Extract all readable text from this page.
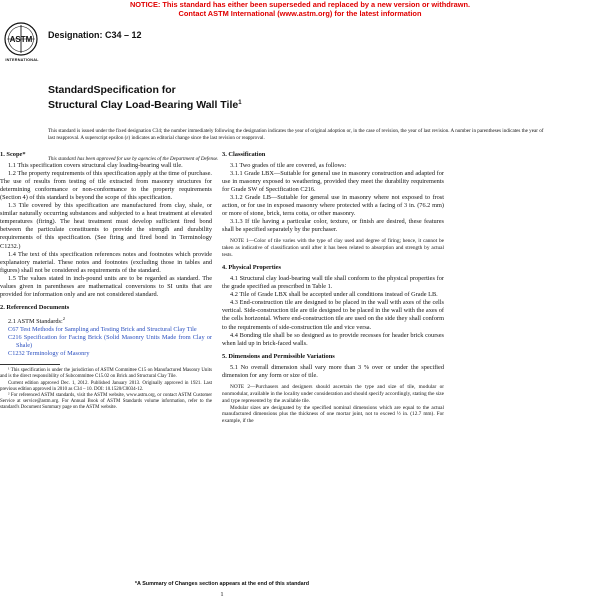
NOTICE: This standard has either been superseded and replaced by a new version or withdrawn.
Contact ASTM International (www.astm.org) for the latest information
ASTM
INTERNATIONAL
Designation: C34 – 12
StandardSpecification for
Structural Clay Load-Bearing Wall Tile$^1$
This standard is issued under the fixed designation C34; the number immediately following the designation indicates the year of original adoption or, in the case of revision, the year of last revision. A number in parentheses indicates the year of last reapproval. A superscript epsilon (ε) indicates an editorial change since the last revision or reapproval.
This standard has been approved for use by agencies of the Department of Defense.
1. Scope*

1.1 This specification covers structural clay loading-bearing wall tile.

1.2 The property requirements of this specification apply at the time of purchase. The use of results from testing of tile extracted from masonry structures for determining conformance or non-conformance to the property requirements (Section 4) of this standard is beyond the scope of this specification.

1.3 Tile covered by this specification are manufactured from clay, shale, or similar naturally occurring substances and subjected to a heat treatment at elevated temperatures (firing). The heat treatment must develop sufficient fired bond between the particulate constituents to provide the strength and durability requirements of this specification. (See firing and fired bond in Terminology C1232.)

1.4 The text of this specification references notes and footnotes which provide explanatory material. These notes and footnotes (excluding those in tables and figures) shall not be considered as requirements of the standard.

1.5 The values stated in inch-pound units are to be regarded as standard. The values given in parentheses are mathematical conversions to SI units that are provided for information only and are not considered standard.

2. Referenced Documents

2.1 ASTM Standards:$^2$

C67 Test Methods for Sampling and Testing Brick and Structural Clay Tile

C216 Specification for Facing Brick (Solid Masonry Units Made from Clay or Shale)

C1232 Terminology of Masonry

¹ This specification is under the jurisdiction of ASTM Committee C15 on Manufactured Masonry Units and is the direct responsibility of Subcommittee C15.02 on Brick and Structural Clay Tile.

Current edition approved Dec. 1, 2012. Published January 2013. Originally approved in 1921. Last previous edition approved in 2010 as C34 – 10. DOI: 10.1520/C0034-12.

² For referenced ASTM standards, visit the ASTM website, www.astm.org, or contact ASTM Customer Service at service@astm.org. For Annual Book of ASTM Standards volume information, refer to the standard's Document Summary page on the ASTM website.

3. Classification

3.1 Two grades of tile are covered, as follows:

3.1.1 Grade LBX—Suitable for general use in masonry construction and adapted for use in masonry exposed to weathering, provided they meet the durability requirements for Grade SW of Specification C216.

3.1.2 Grade LB—Suitable for general use in masonry where not exposed to frost action, or for use in exposed masonry where protected with a facing of 3 in. (76.2 mm) or more of stone, brick, terra cotta, or other masonry.

3.1.3 If tile having a particular color, texture, or finish are desired, these features shall be specified separately by the purchaser.

NOTE 1—Color of tile varies with the type of clay used and degree of firing; hence, it cannot be taken as indicative of classification until after it has been related to absorption and strength by actual tests.

4. Physical Properties

4.1 Structural clay load-bearing wall tile shall conform to the physical properties for the grade specified as prescribed in Table 1.

4.2 Tile of Grade LBX shall be accepted under all conditions instead of Grade LB.

4.3 End-construction tile are designed to be placed in the wall with axes of the cells vertical. Side-construction tile are tile designed to be placed in the wall with the axes of the cells horizontal. Where end-construction tile are used on the side they shall conform to the requirements of side-construction tile and vice versa.

4.4 Bonding tile shall be so designed as to provide recesses for header brick courses when laid up in brick-faced walls.

5. Dimensions and Permissible Variations

5.1 No overall dimension shall vary more than 3 % over or under the specified dimension for any form or size of tile.

NOTE 2—Purchasers and designers should ascertain the type and size of tile, modular or nonmodular, available in the locality under consideration and should specify accordingly, stating the size and type represented by the available tile.

Modular sizes are designated by the specified nominal dimensions which are equal to the actual manufactured dimensions plus the thickness of one mortar joint, not to exceed ½ in. (12.7 mm). For example, if the

*A Summary of Changes section appears at the end of this standard
1
